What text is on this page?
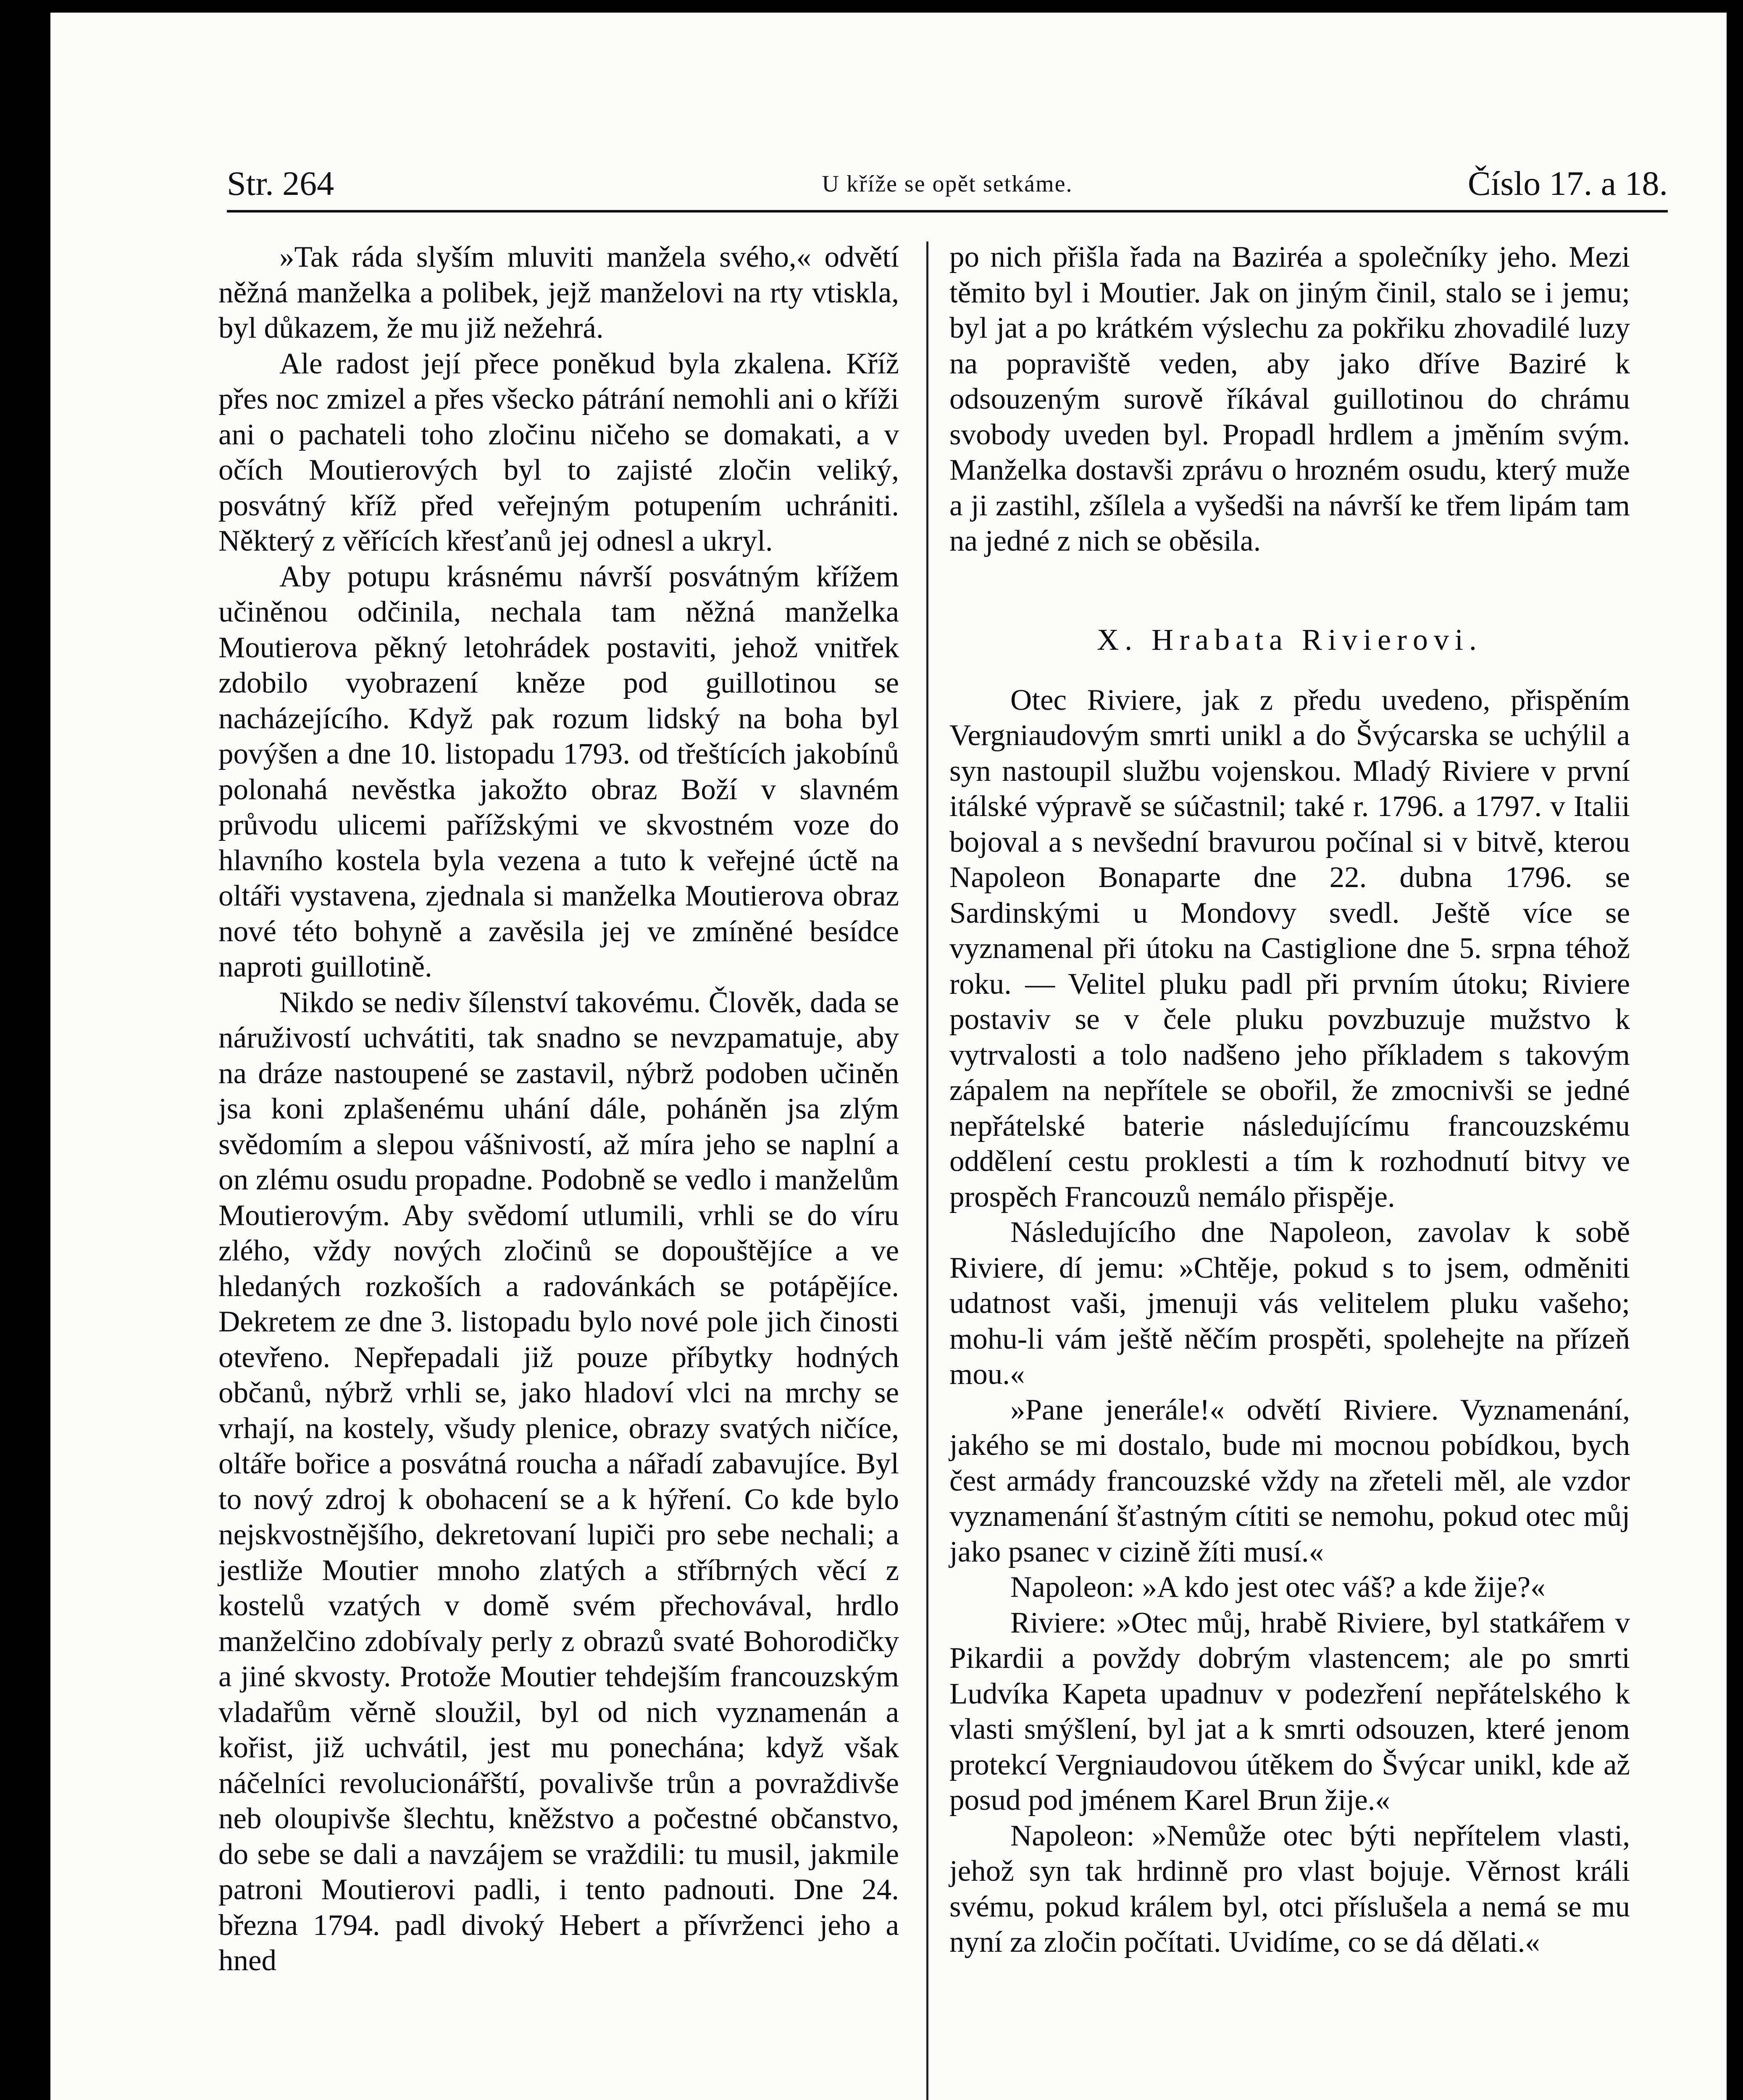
Str. 264	U kříže se opět setkáme.	Číslo 17. a 18.

»Tak ráda slyším mluviti manžela svého,« odvětí něžná manželka a polibek, jejž manželovi na rty vtiskla, byl důkazem, že mu již nežehrá.

Ale radost její přece poněkud byla zkalena. Kříž přes noc zmizel a přes všecko pátrání nemohli ani o kříži ani o pachateli toho zločinu ničeho se domakati, a v očích Moutierových byl to zajisté zločin veliký, posvátný kříž před veřejným potupením uchrániti. Některý z věřících křesťanů jej odnesl a ukryl.

Aby potupu krásnému návrší posvátným křížem učiněnou odčinila, nechala tam něžná manželka Moutierova pěkný letohrádek postaviti, jehož vnitřek zdobilo vyobrazení kněze pod guillotinou se nacházejícího. Když pak rozum lidský na boha byl povýšen a dne 10. listopadu 1793. od třeštících jakobínů polonahá nevěstka jakožto obraz Boží v slavném průvodu ulicemi pařížskými ve skvostném voze do hlavního kostela byla vezena a tuto k veřejné úctě na oltáři vystavena, zjednala si manželka Moutierova obraz nové této bohyně a zavěsila jej ve zmíněné besídce naproti guillotině.

Nikdo se nediv šílenství takovému. Člověk, dada se náruživostí uchvátiti, tak snadno se nevzpamatuje, aby na dráze nastoupené se zastavil, nýbrž podoben učiněn jsa koni zplašenému uhání dále, poháněn jsa zlým svědomím a slepou vášnivostí, až míra jeho se naplní a on zlému osudu propadne. Podobně se vedlo i manželům Moutierovým. Aby svědomí utlumili, vrhli se do víru zlého, vždy nových zločinů se dopouštějíce a ve hledaných rozkoších a radovánkách se potápějíce. Dekretem ze dne 3. listopadu bylo nové pole jich činosti otevřeno. Nepřepadali již pouze příbytky hodných občanů, nýbrž vrhli se, jako hladoví vlci na mrchy se vrhají, na kostely, všudy plenice, obrazy svatých ničíce, oltáře bořice a posvátná roucha a nářadí zabavujíce. Byl to nový zdroj k obohacení se a k hýření. Co kde bylo nejskvostnějšího, dekretovaní lupiči pro sebe nechali; a jestliže Moutier mnoho zlatých a stříbrných věcí z kostelů vzatých v domě svém přechovával, hrdlo manželčino zdobívaly perly z obrazů svaté Bohorodičky a jiné skvosty. Protože Moutier tehdejším francouzským vladařům věrně sloužil, byl od nich vyznamenán a kořist, již uchvátil, jest mu ponechána; když však náčelníci revolucionářští, povalivše trůn a povraždivše neb oloupivše šlechtu, kněžstvo a počestné občanstvo, do sebe se dali a navzájem se vraždili: tu musil, jakmile patroni Moutierovi padli, i tento padnouti. Dne 24. března 1794. padl divoký Hebert a přívrženci jeho a hned

po nich přišla řada na Baziréa a společníky jeho. Mezi těmito byl i Moutier. Jak on jiným činil, stalo se i jemu; byl jat a po krátkém výslechu za pokřiku zhovadilé luzy na popraviště veden, aby jako dříve Baziré k odsouzeným surově říkával guillotinou do chrámu svobody uveden byl. Propadl hrdlem a jměním svým. Manželka dostavši zprávu o hrozném osudu, který muže a ji zastihl, zšílela a vyšedši na návrší ke třem lipám tam na jedné z nich se oběsila.

X. Hrabata Rivierovi.

Otec Riviere, jak z předu uvedeno, přispěním Vergniaudovým smrti unikl a do Švýcarska se uchýlil a syn nastoupil službu vojenskou. Mladý Riviere v první itálské výpravě se súčastnil; také r. 1796. a 1797. v Italii bojoval a s nevšední bravurou počínal si v bitvě, kterou Napoleon Bonaparte dne 22. dubna 1796. se Sardinskými u Mondovy svedl. Ještě více se vyznamenal při útoku na Castiglione dne 5. srpna téhož roku. — Velitel pluku padl při prvním útoku; Riviere postaviv se v čele pluku povzbuzuje mužstvo k vytrvalosti a tolo nadšeno jeho příkladem s takovým zápalem na nepřítele se obořil, že zmocnivši se jedné nepřátelské baterie následujícímu francouzskému oddělení cestu proklesti a tím k rozhodnutí bitvy ve prospěch Francouzů nemálo přispěje.

Následujícího dne Napoleon, zavolav k sobě Riviere, dí jemu: »Chtěje, pokud s to jsem, odměniti udatnost vaši, jmenuji vás velitelem pluku vašeho; mohu-li vám ještě něčím prospěti, spolehejte na přízeň mou.«

»Pane jenerále!« odvětí Riviere. Vyznamenání, jakého se mi dostalo, bude mi mocnou pobídkou, bych čest armády francouzské vždy na zřeteli měl, ale vzdor vyznamenání šťastným cítiti se nemohu, pokud otec můj jako psanec v cizině žíti musí.«

Napoleon: »A kdo jest otec váš? a kde žije?«

Riviere: »Otec můj, hrabě Riviere, byl statkářem v Pikardii a povždy dobrým vlastencem; ale po smrti Ludvíka Kapeta upadnuv v podezření nepřátelského k vlasti smýšlení, byl jat a k smrti odsouzen, které jenom protekcí Vergniaudovou útěkem do Švýcar unikl, kde až posud pod jménem Karel Brun žije.«

Napoleon: »Nemůže otec býti nepřítelem vlasti, jehož syn tak hrdinně pro vlast bojuje. Věrnost králi svému, pokud králem byl, otci příslušela a nemá se mu nyní za zločin počítati. Uvidíme, co se dá dělati.«
